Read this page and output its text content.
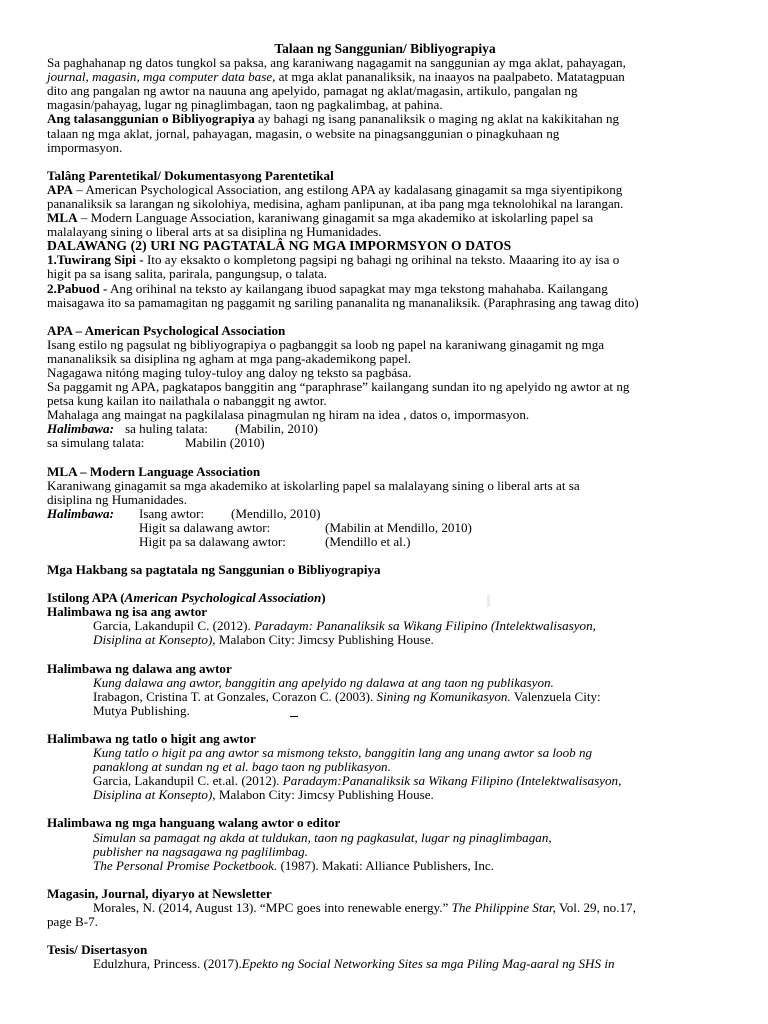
Talaan ng Sanggunian/ Bibliyograpiya

Sa paghahanap ng datos tungkol sa paksa, ang karaniwang nagagamit na sanggunian ay mga aklat, pahayagan,

journal, magasin, mga computer data base, at mga aklat pananaliksik, na inaayos na paalpabeto. Matatagpuan

dito ang pangalan ng awtor na nauuna ang apelyido, pamagat ng aklat/magasin, artikulo, pangalan ng

magasin/pahayag, lugar ng pinaglimbagan, taon ng pagkalimbag, at pahina.

Ang talasanggunian o Bibliyograpiya ay bahagi ng isang pananaliksik o maging ng aklat na kakikitahan ng

talaan ng mga aklat, jornal, pahayagan, magasin, o website na pinagsanggunian o pinagkuhaan ng

impormasyon.

Talâng Parentetikal/ Dokumentasyong Parentetikal

APA – American Psychological Association, ang estilong APA ay kadalasang ginagamit sa mga siyentipikong

pananaliksik sa larangan ng sikolohiya, medisina, agham panlipunan, at iba pang mga teknolohikal na larangan.

MLA – Modern Language Association, karaniwang ginagamit sa mga akademiko at iskolarling papel sa

malalayang sining o liberal arts at sa disiplina ng Humanidades.

DALAWANG (2) URI NG PAGTATALÂ NG MGA IMPORMSYON O DATOS

1.Tuwirang Sipi - Ito ay eksakto o kompletong pagsipi ng bahagi ng orihinal na teksto. Maaaring ito ay isa o

higit pa sa isang salita, parirala, pangungsup, o talata.

2.Pabuod - Ang orihinal na teksto ay kailangang ibuod sapagkat may mga tekstong mahahaba. Kailangang

maisagawa ito sa pamamagitan ng paggamit ng sariling pananalita ng mananaliksik. (Paraphrasing ang tawag dito)

APA – American Psychological Association

Isang estilo ng pagsulat ng bibliyograpiya o pagbanggit sa loob ng papel na karaniwang ginagamit ng mga

mananaliksik sa disiplina ng agham at mga pang-akademikong papel.

Nagagawa nitóng maging tuloy-tuloy ang daloy ng teksto sa pagbása.

Sa paggamit ng APA, pagkatapos banggitin ang “paraphrase” kailangang sundan ito ng apelyido ng awtor at ng

petsa kung kailan ito nailathala o nabanggit ng awtor.

Mahalaga ang maingat na pagkilalasa pinagmulan ng hiram na idea , datos o, impormasyon.

Halimbawa: sa huling talata:	(Mabilin, 2010)
sa simulang talata:	Mabilin (2010)

MLA – Modern Language Association

Karaniwang ginagamit sa mga akademiko at iskolarling papel sa malalayang sining o liberal arts at sa

disiplina ng Humanidades.

Halimbawa:	Isang awtor:	(Mendillo, 2010)
Higit sa dalawang awtor:	(Mabilin at Mendillo, 2010)
Higit pa sa dalawang awtor:	(Mendillo et al.)

Mga Hakbang sa pagtatala ng Sanggunian o Bibliyograpiya

Istilong APA (American Psychological Association)

Halimbawa ng isa ang awtor

Garcia, Lakandupil C. (2012). Paradaym: Pananaliksik sa Wikang Filipino (Intelektwalisasyon,

Disiplina at Konsepto), Malabon City: Jimcsy Publishing House.

Halimbawa ng dalawa ang awtor

Kung dalawa ang awtor, banggitin ang apelyido ng dalawa at ang taon ng publikasyon.

Irabagon, Cristina T. at Gonzales, Corazon C. (2003). Sining ng Komunikasyon. Valenzuela City:

Mutya Publishing.

Halimbawa ng tatlo o higit ang awtor

Kung tatlo o higit pa ang awtor sa mismong teksto, banggitin lang ang unang awtor sa loob ng

panaklong at sundan ng et al. bago taon ng publikasyon.

Garcia, Lakandupil C. et.al. (2012). Paradaym:Pananaliksik sa Wikang Filipino (Intelektwalisasyon,

Disiplina at Konsepto), Malabon City: Jimcsy Publishing House.

Halimbawa ng mga hanguang walang awtor o editor

Simulan sa pamagat ng akda at tuldukan, taon ng pagkasulat, lugar ng pinaglimbagan,

publisher na nagsagawa ng paglilimbag.

The Personal Promise Pocketbook. (1987). Makati: Alliance Publishers, Inc.

Magasin, Journal, diyaryo at Newsletter

Morales, N. (2014, August 13). “MPC goes into renewable energy.” The Philippine Star, Vol. 29, no.17,

page B-7.

Tesis/ Disertasyon

Edulzhura, Princess. (2017).Epekto ng Social Networking Sites sa mga Piling Mag-aaral ng SHS in
